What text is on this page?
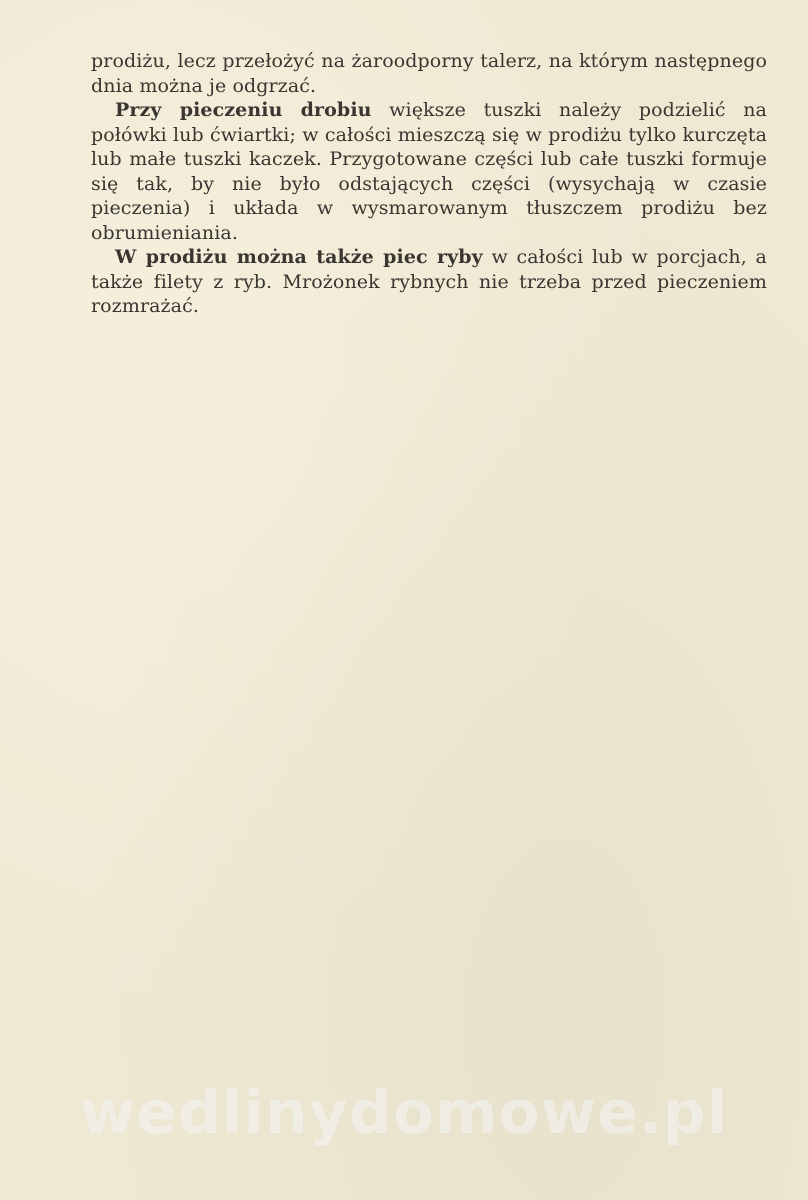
prodiżu, lecz przełożyć na żaroodporny talerz, na którym następnego dnia można je odgrzać.

Przy pieczeniu drobiu większe tuszki należy podzielić na połówki lub ćwiartki; w całości mieszczą się w prodiżu tylko kurczęta lub małe tuszki kaczek. Przygotowane części lub całe tuszki formuje się tak, by nie było odstających części (wysychają w czasie pieczenia) i układa w wysmarowanym tłuszczem prodiżu bez obrumieniania.

W prodiżu można także piec ryby w całości lub w porcjach, a także filety z ryb. Mrożonek rybnych nie trzeba przed pieczeniem rozmrażać.

wedlinydomowe.pl
